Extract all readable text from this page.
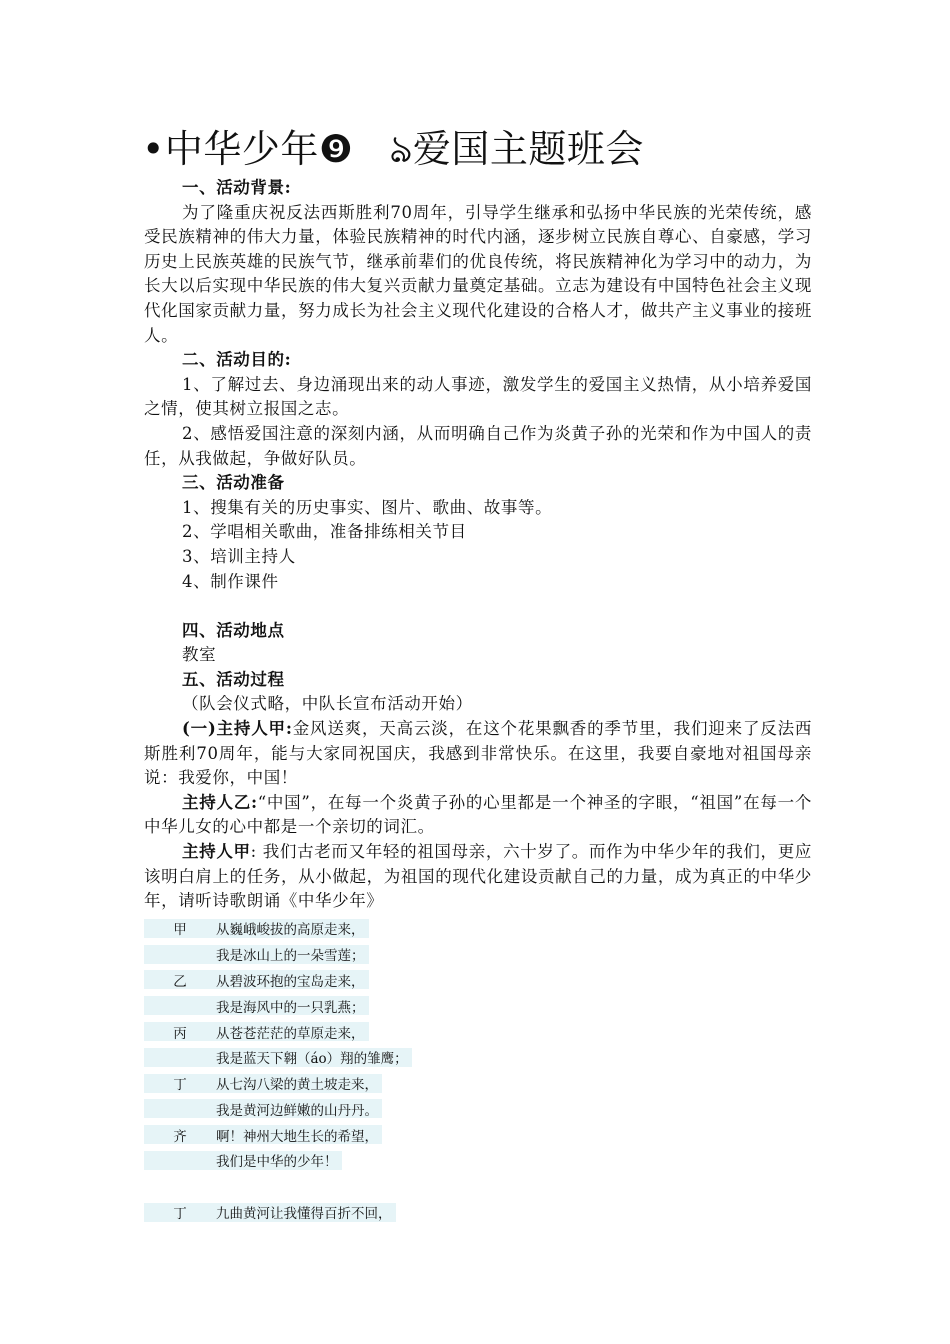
•中华少年❾ ঌ爱国主题班会

一、活动背景:

为了隆重庆祝反法西斯胜利70周年，引导学生继承和弘扬中华民族的光荣传统，感受民族精神的伟大力量，体验民族精神的时代内涵，逐步树立民族自尊心、自豪感，学习历史上民族英雄的民族气节，继承前辈们的优良传统，将民族精神化为学习中的动力，为长大以后实现中华民族的伟大复兴贡献力量奠定基础。立志为建设有中国特色社会主义现代化国家贡献力量，努力成长为社会主义现代化建设的合格人才，做共产主义事业的接班人。

二、活动目的:

1、了解过去、身边涌现出来的动人事迹，激发学生的爱国主义热情，从小培养爱国之情，使其树立报国之志。

2、感悟爱国注意的深刻内涵，从而明确自己作为炎黄子孙的光荣和作为中国人的责任，从我做起，争做好队员。

三、活动准备

1、搜集有关的历史事实、图片、歌曲、故事等。

2、学唱相关歌曲，准备排练相关节目

3、培训主持人

4、制作课件

四、活动地点

教室

五、活动过程

（队会仪式略，中队长宣布活动开始）

(一)主持人甲:金风送爽，天高云淡，在这个花果飘香的季节里，我们迎来了反法西斯胜利70周年，能与大家同祝国庆，我感到非常快乐。在这里，我要自豪地对祖国母亲说：我爱你，中国！

主持人乙:“中国”，在每一个炎黄子孙的心里都是一个神圣的字眼，“祖国”在每一个中华儿女的心中都是一个亲切的词汇。

主持人甲: 我们古老而又年轻的祖国母亲，六十岁了。而作为中华少年的我们，更应该明白肩上的任务，从小做起，为祖国的现代化建设贡献自己的力量，成为真正的中华少年，请听诗歌朗诵《中华少年》

甲	从巍峨峻拔的高原走来，
我是冰山上的一朵雪莲；
乙	从碧波环抱的宝岛走来，
我是海风中的一只乳燕；
丙	从苍苍茫茫的草原走来，
我是蓝天下翱（áo）翔的雏鹰；
丁	从七沟八梁的黄土坡走来，
我是黄河边鲜嫩的山丹丹。
齐	啊！神州大地生长的希望，
我们是中华的少年！
丁	九曲黄河让我懂得百折不回，
